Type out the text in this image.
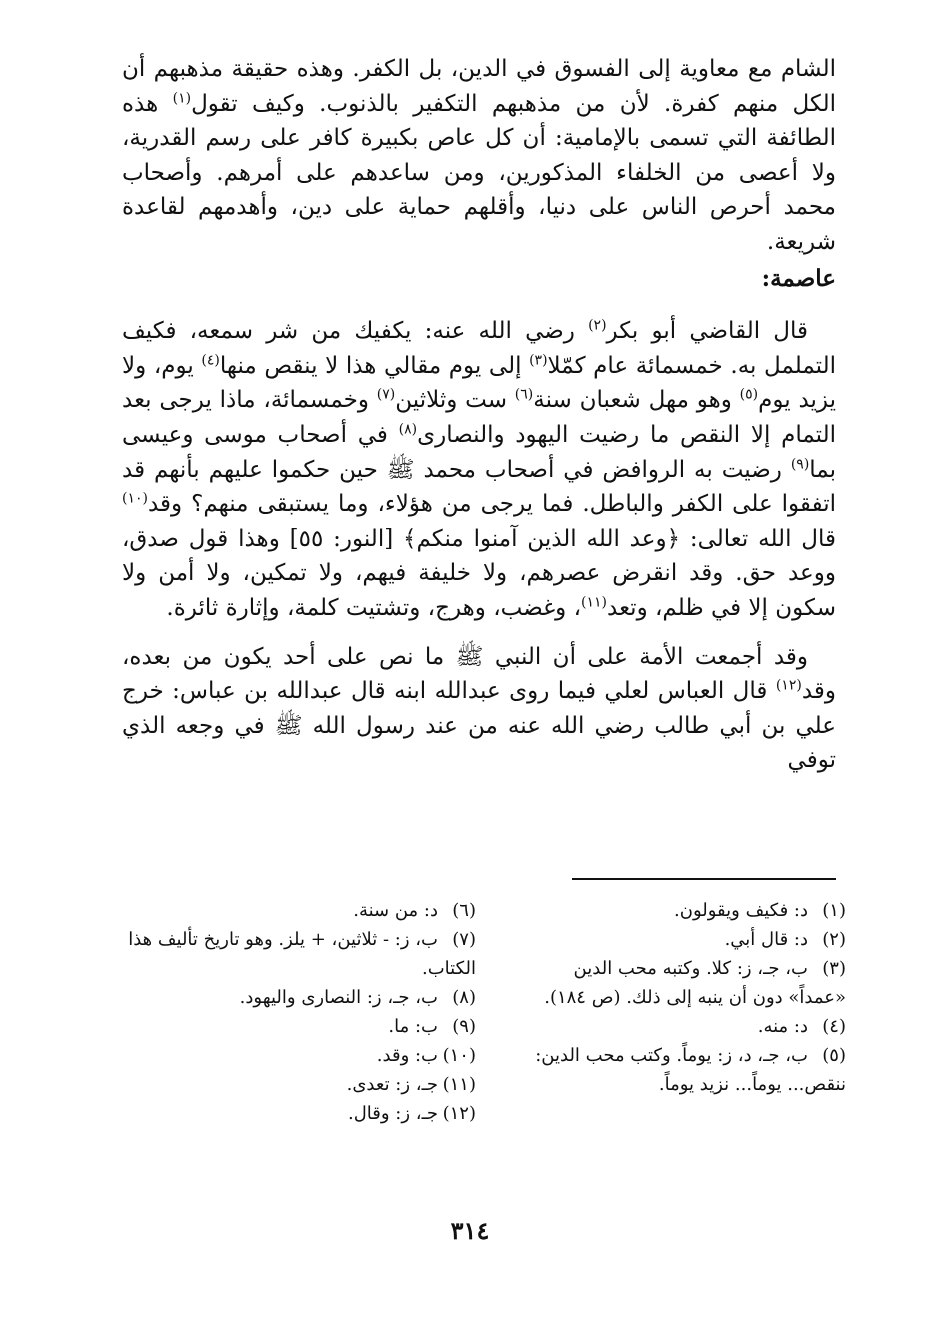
الشام مع معاوية إلى الفسوق في الدين، بل الكفر. وهذه حقيقة مذهبهم أن الكل منهم كفرة. لأن من مذهبهم التكفير بالذنوب. وكيف تقول$^{(١)}$ هذه الطائفة التي تسمى بالإمامية: أن كل عاص بكبيرة كافر على رسم القدرية، ولا أعصى من الخلفاء المذكورين، ومن ساعدهم على أمرهم. وأصحاب محمد أحرص الناس على دنيا، وأقلهم حماية على دين، وأهدمهم لقاعدة شريعة.

عاصمة:

قال القاضي أبو بكر$^{(٢)}$ رضي الله عنه: يكفيك من شر سمعه، فكيف التململ به. خمسمائة عام كمّلا$^{(٣)}$ إلى يوم مقالي هذا لا ينقص منها$^{(٤)}$ يوم، ولا يزيد يوم$^{(٥)}$ وهو مهل شعبان سنة$^{(٦)}$ ست وثلاثين$^{(٧)}$ وخمسمائة، ماذا يرجى بعد التمام إلا النقص ما رضيت اليهود والنصارى$^{(٨)}$ في أصحاب موسى وعيسى بما$^{(٩)}$ رضيت به الروافض في أصحاب محمد ﷺ حين حكموا عليهم بأنهم قد اتفقوا على الكفر والباطل. فما يرجى من هؤلاء، وما يستبقى منهم؟ وقد$^{(١٠)}$ قال الله تعالى: ﴿وعد الله الذين آمنوا منكم﴾ [النور: ٥٥] وهذا قول صدق، ووعد حق. وقد انقرض عصرهم، ولا خليفة فيهم، ولا تمكين، ولا أمن ولا سكون إلا في ظلم، وتعد$^{(١١)}$، وغضب، وهرج، وتشتيت كلمة، وإثارة ثائرة.

وقد أجمعت الأمة على أن النبي ﷺ ما نص على أحد يكون من بعده، وقد$^{(١٢)}$ قال العباس لعلي فيما روى عبدالله ابنه قال عبدالله بن عباس: خرج علي بن أبي طالب رضي الله عنه من عند رسول الله ﷺ في وجعه الذي توفي

(١)د: فكيف ويقولون.

(٢)د: قال أبي.

(٣)ب، جـ، ز: كلا. وكتبه محب الدين «عمداً» دون أن ينبه إلى ذلك. (ص ١٨٤).

(٤)د: منه.

(٥)ب، جـ، د، ز: يوماً. وكتب محب الدين: ننقص... يوماً... نزيد يوماً.

(٦)د: من سنة.

(٧)ب، ز: - ثلاثين، + يلز. وهو تاريخ تأليف هذا الكتاب.

(٨)ب، جـ، ز: النصارى واليهود.

(٩)ب: ما.

(١٠)ب: وقد.

(١١)جـ، ز: تعدى.

(١٢)جـ، ز: وقال.

٣١٤
